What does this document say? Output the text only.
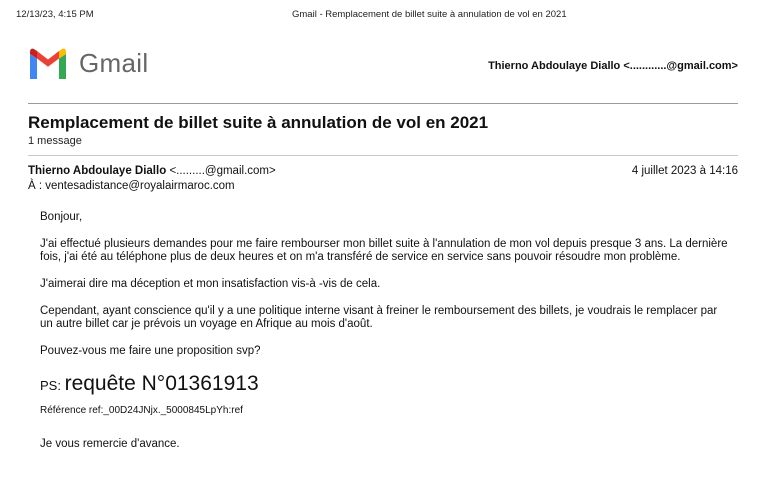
12/13/23, 4:15 PM	Gmail - Remplacement de billet suite à annulation de vol en 2021
Gmail	Thierno Abdoulaye Diallo <............@gmail.com>
Remplacement de billet suite à annulation de vol en 2021
1 message
Thierno Abdoulaye Diallo <.........@gmail.com>	4 juillet 2023 à 14:16
À : ventesadistance@royalairmaroc.com

Bonjour,

J'ai effectué plusieurs demandes pour me faire rembourser mon billet suite à l'annulation de mon vol depuis presque 3 ans. La dernière fois, j'ai été au téléphone plus de deux heures et on m'a transféré de service en service sans pouvoir résoudre mon problème.

J'aimerai dire ma déception et mon insatisfaction vis-à -vis de cela.

Cependant, ayant conscience qu'il y a une politique interne visant à freiner le remboursement des billets, je voudrais le remplacer par un autre billet car je prévois un voyage en Afrique au mois d'août.

Pouvez-vous me faire une proposition svp?

PS: requête N°01361913

Référence ref:_00D24JNjx._5000845LpYh:ref

Je vous remercie d'avance.
